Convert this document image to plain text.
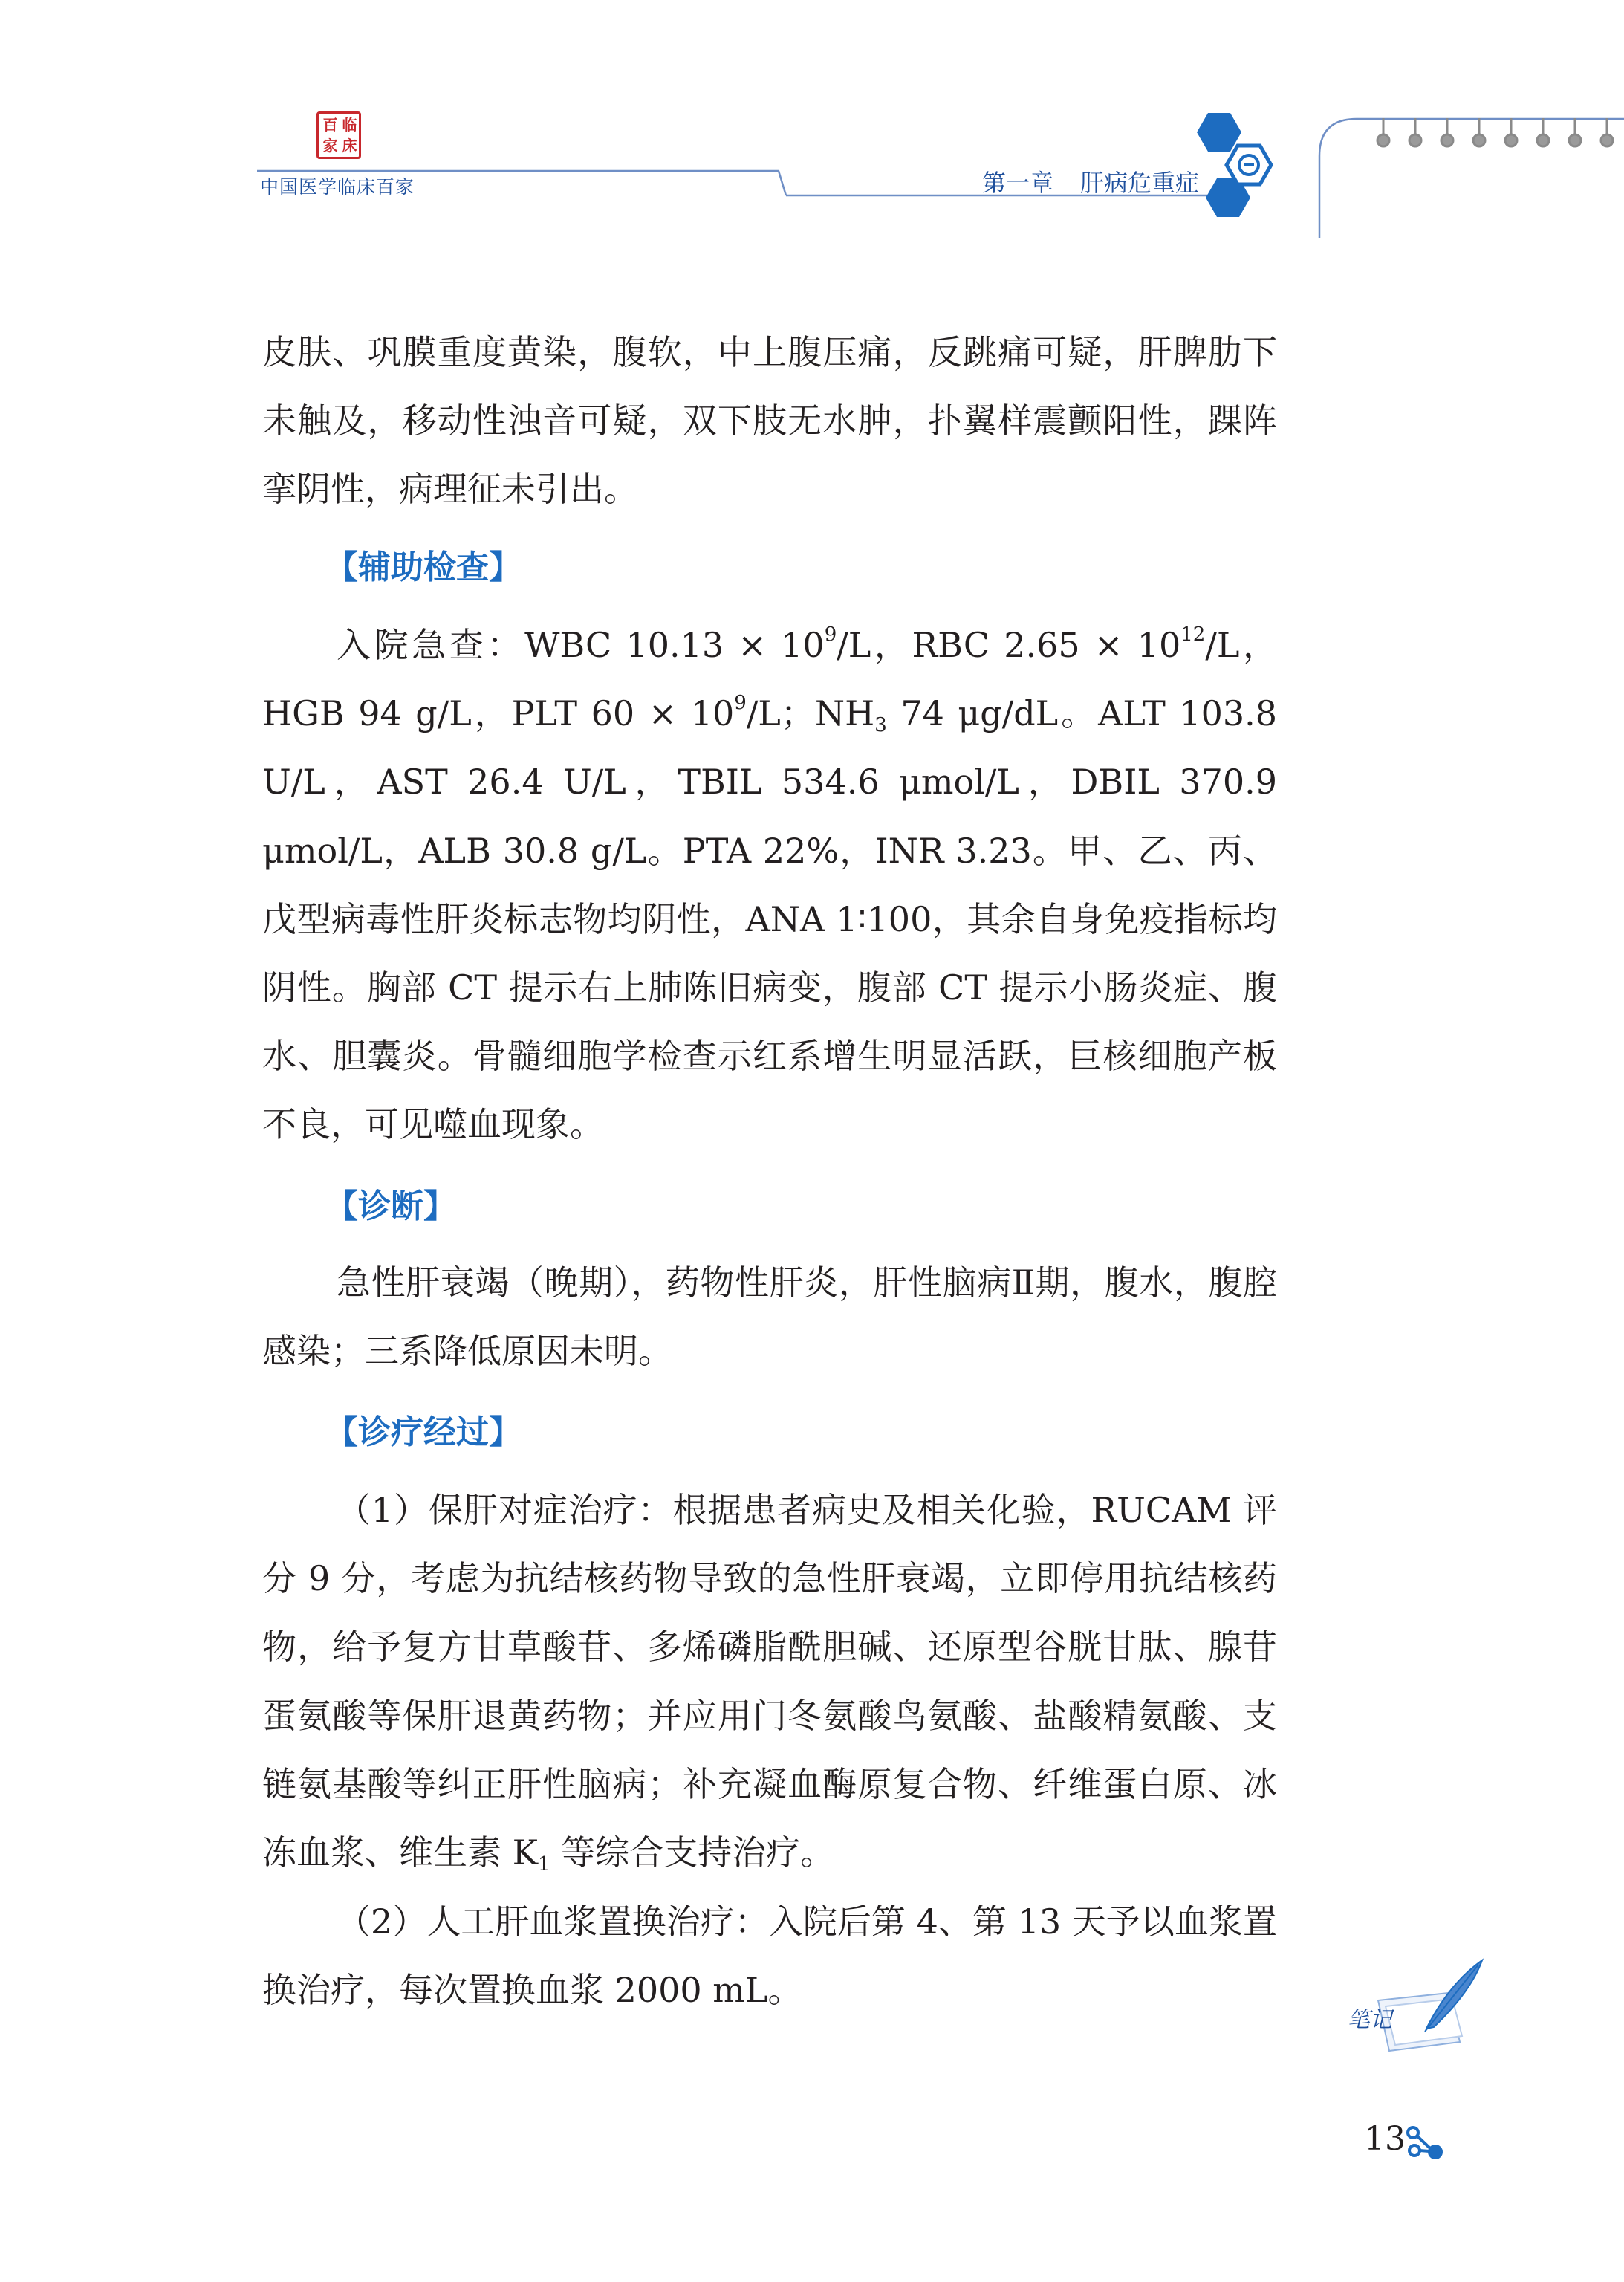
百 临
家 床
中国医学临床百家	第一章 肝病危重症

皮肤、巩膜重度黄染，腹软，中上腹压痛，反跳痛可疑，肝脾肋下未触及，移动性浊音可疑，双下肢无水肿，扑翼样震颤阳性，踝阵挛阴性，病理征未引出。

【辅助检查】

入院急查：WBC $10.13 \times 10^9/L$，RBC $2.65 \times 10^{12}/L$，HGB 94 g/L，PLT $60 \times 10^9/L$；$NH_3$ 74 μg/dL。ALT 103.8 U/L，AST 26.4 U/L，TBIL 534.6 μmol/L，DBIL 370.9 μmol/L，ALB 30.8 g/L。PTA 22%，INR 3.23。甲、乙、丙、戊型病毒性肝炎标志物均阴性，ANA 1∶100，其余自身免疫指标均阴性。胸部 CT 提示右上肺陈旧病变，腹部 CT 提示小肠炎症、腹水、胆囊炎。骨髓细胞学检查示红系增生明显活跃，巨核细胞产板不良，可见噬血现象。

【诊断】

急性肝衰竭（晚期），药物性肝炎，肝性脑病Ⅱ期，腹水，腹腔感染；三系降低原因未明。

【诊疗经过】

（1）保肝对症治疗：根据患者病史及相关化验，RUCAM 评分 9 分，考虑为抗结核药物导致的急性肝衰竭，立即停用抗结核药物，给予复方甘草酸苷、多烯磷脂酰胆碱、还原型谷胱甘肽、腺苷蛋氨酸等保肝退黄药物；并应用门冬氨酸鸟氨酸、盐酸精氨酸、支链氨基酸等纠正肝性脑病；补充凝血酶原复合物、纤维蛋白原、冰冻血浆、维生素 $K_1$ 等综合支持治疗。

（2）人工肝血浆置换治疗：入院后第 4、第 13 天予以血浆置换治疗，每次置换血浆 2000 mL。

笔记
13
